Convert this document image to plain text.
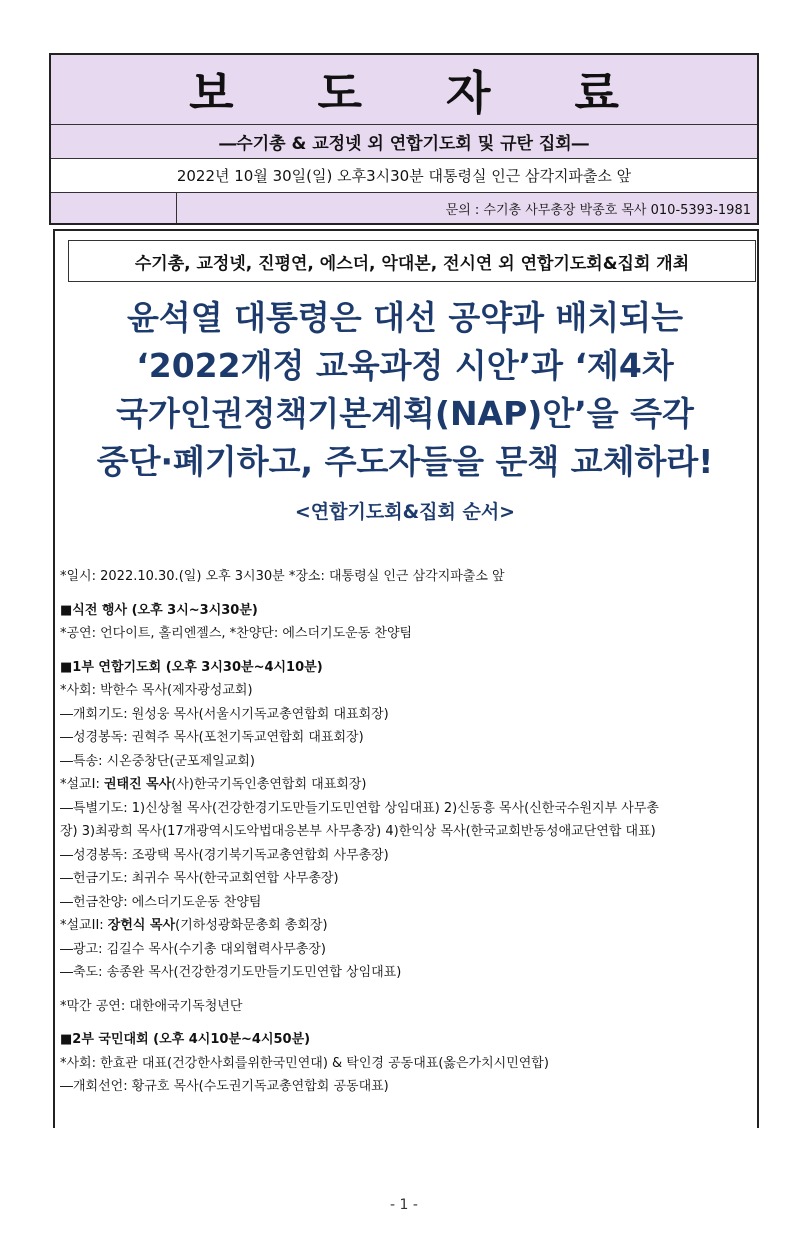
보 도 자 료
―수기총 & 교정넷 외 연합기도회 및 규탄 집회―
2022년 10월 30일(일) 오후3시30분 대통령실 인근 삼각지파출소 앞
문의 : 수기총 사무총장 박종호 목사 010-5393-1981
수기총, 교정넷, 진평연, 에스더, 악대본, 전시연 외 연합기도회&집회 개최
윤석열 대통령은 대선 공약과 배치되는
‘2022개정 교육과정 시안’과 ‘제4차
국가인권정책기본계획(NAP)안’을 즉각
중단·폐기하고, 주도자들을 문책 교체하라!
<연합기도회&집회 순서>
*일시: 2022.10.30.(일) 오후 3시30분 *장소: 대통령실 인근 삼각지파출소 앞
■식전 행사 (오후 3시~3시30분)
*공연: 언다이트, 홀리엔젤스, *찬양단: 에스더기도운동 찬양팀
■1부 연합기도회 (오후 3시30분~4시10분)
*사회: 박한수 목사(제자광성교회)
―개회기도: 원성웅 목사(서울시기독교총연합회 대표회장)
―성경봉독: 권혁주 목사(포천기독교연합회 대표회장)
―특송: 시온중창단(군포제일교회)
*설교I: 권태진 목사(사)한국기독인총연합회 대표회장)
―특별기도: 1)신상철 목사(건강한경기도만들기도민연합 상임대표) 2)신동흥 목사(신한국수원지부 사무총
장) 3)최광희 목사(17개광역시도악법대응본부 사무총장) 4)한익상 목사(한국교회반동성애교단연합 대표)
―성경봉독: 조광택 목사(경기북기독교총연합회 사무총장)
―헌금기도: 최귀수 목사(한국교회연합 사무총장)
―헌금찬양: 에스더기도운동 찬양팀
*설교II: 장헌식 목사(기하성광화문총회 총회장)
―광고: 김길수 목사(수기총 대외협력사무총장)
―축도: 송종완 목사(건강한경기도만들기도민연합 상임대표)
*막간 공연: 대한애국기독청년단
■2부 국민대회 (오후 4시10분~4시50분)
*사회: 한효관 대표(건강한사회를위한국민연대) & 탁인경 공동대표(옳은가치시민연합)
―개회선언: 황규호 목사(수도권기독교총연합회 공동대표)
- 1 -
